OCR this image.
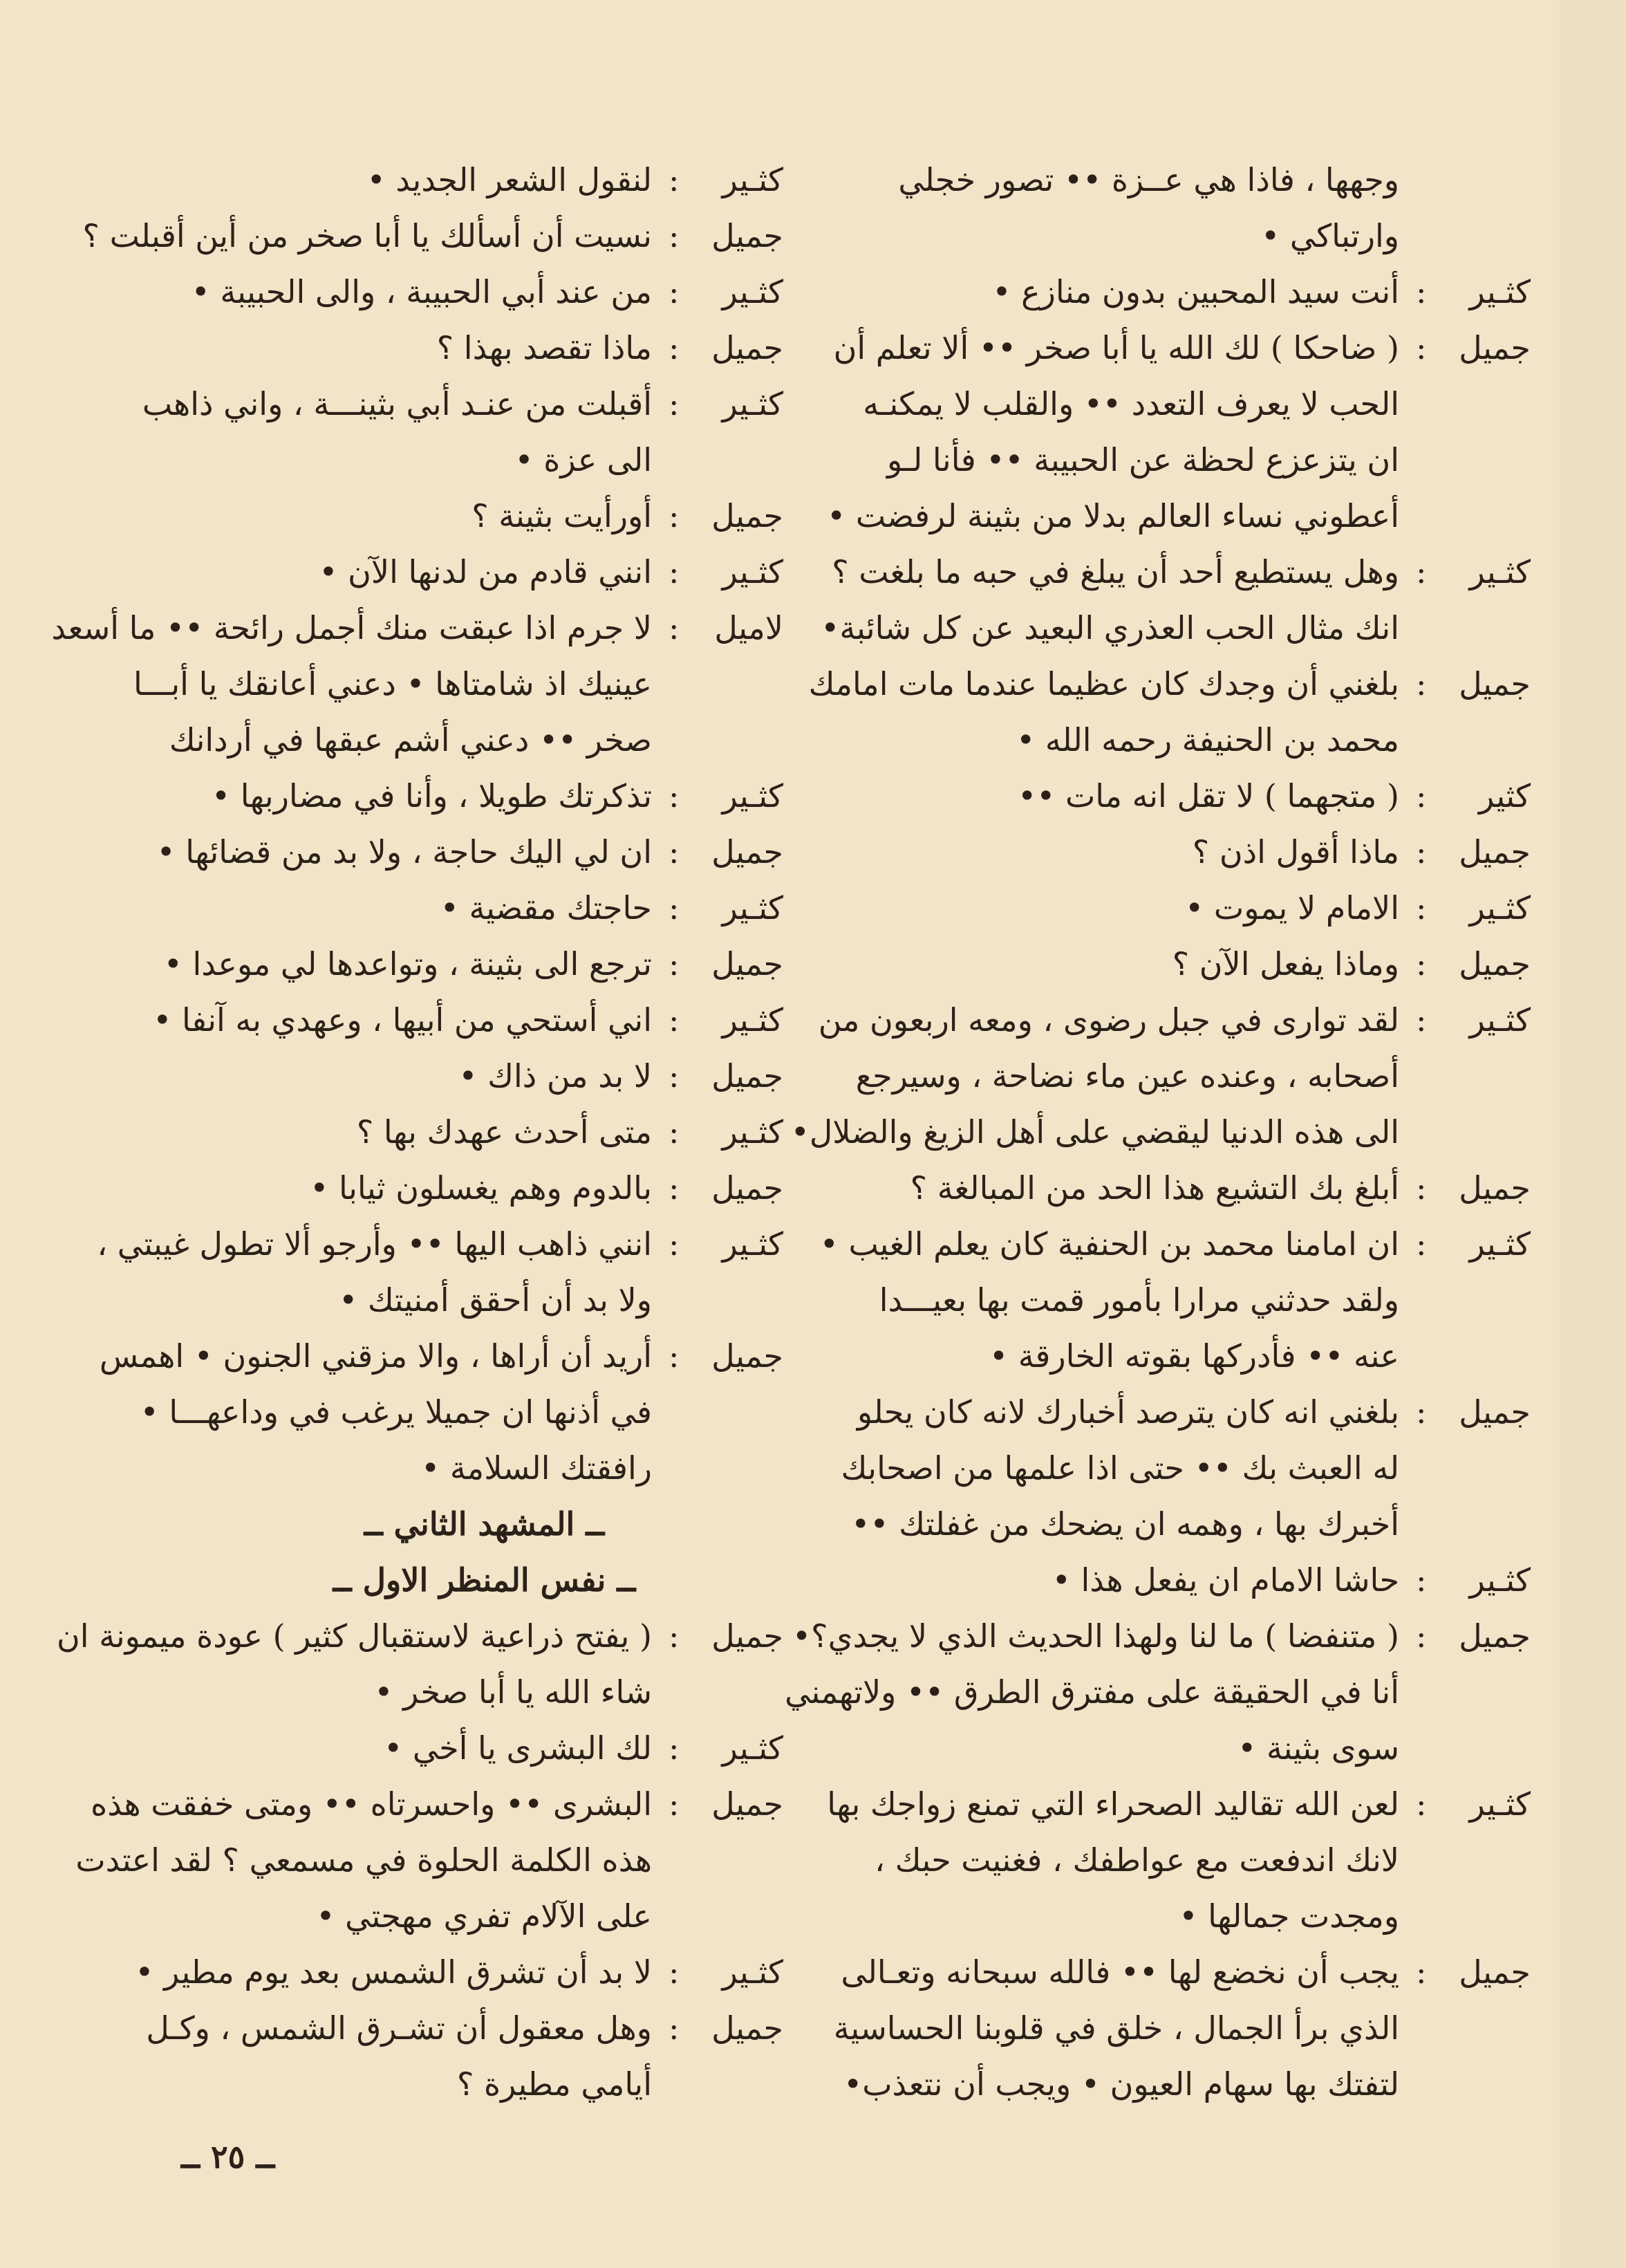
وجهها ، فاذا هي عــزة •• تصور خجلي
وارتباكي •
كثـير
:
أنت سيد المحبين بدون منازع •
جميل
:
( ضاحكا ) لك الله يا أبا صخر •• ألا تعلم أن
الحب لا يعرف التعدد •• والقلب لا يمكنـه
ان يتزعزع لحظة عن الحبيبة •• فأنا لـو
أعطوني نساء العالم بدلا من بثينة لرفضت •
كثـير
:
وهل يستطيع أحد أن يبلغ في حبه ما بلغت ؟
انك مثال الحب العذري البعيد عن كل شائبة•
جميل
:
بلغني أن وجدك كان عظيما عندما مات امامك
محمد بن الحنيفة رحمه الله •
كثير
:
( متجهما ) لا تقل انه مات ••
جميل
:
ماذا أقول اذن ؟
كثـير
:
الامام لا يموت •
جميل
:
وماذا يفعل الآن ؟
كثـير
:
لقد توارى في جبل رضوى ، ومعه اربعون من
أصحابه ، وعنده عين ماء نضاحة ، وسيرجع
الى هذه الدنيا ليقضي على أهل الزيغ والضلال•
جميل
:
أبلغ بك التشيع هذا الحد من المبالغة ؟
كثـير
:
ان امامنا محمد بن الحنفية كان يعلم الغيب •
ولقد حدثني مرارا بأمور قمت بها بعيـــدا
عنه •• فأدركها بقوته الخارقة •
جميل
:
بلغني انه كان يترصد أخبارك لانه كان يحلو
له العبث بك •• حتى اذا علمها من اصحابك
أخبرك بها ، وهمه ان يضحك من غفلتك ••
كثـير
:
حاشا الامام ان يفعل هذا •
جميل
:
( متنفضا ) ما لنا ولهذا الحديث الذي لا يجدي؟•
أنا في الحقيقة على مفترق الطرق •• ولاتهمني
سوى بثينة •
كثـير
:
لعن الله تقاليد الصحراء التي تمنع زواجك بها
لانك اندفعت مع عواطفك ، فغنيت حبك ،
ومجدت جمالها •
جميل
:
يجب أن نخضع لها •• فالله سبحانه وتعـالى
الذي برأ الجمال ، خلق في قلوبنا الحساسية
لتفتك بها سهام العيون • ويجب أن نتعذب•
كثـير
:
لنقول الشعر الجديد •
جميل
:
نسيت أن أسألك يا أبا صخر من أين أقبلت ؟
كثـير
:
من عند أبي الحبيبة ، والى الحبيبة •
جميل
:
ماذا تقصد بهذا ؟
كثـير
:
أقبلت من عنـد أبي بثينـــة ، واني ذاهب
الى عزة •
جميل
:
أورأيت بثينة ؟
كثـير
:
انني قادم من لدنها الآن •
لاميل
:
لا جرم اذا عبقت منك أجمل رائحة •• ما أسعد
عينيك اذ شامتاها • دعني أعانقك يا أبـــا
صخر •• دعني أشم عبقها في أردانك
كثـير
:
تذكرتك طويلا ، وأنا في مضاربها •
جميل
:
ان لي اليك حاجة ، ولا بد من قضائها •
كثـير
:
حاجتك مقضية •
جميل
:
ترجع الى بثينة ، وتواعدها لي موعدا •
كثـير
:
اني أستحي من أبيها ، وعهدي به آنفا •
جميل
:
لا بد من ذاك •
كثـير
:
متى أحدث عهدك بها ؟
جميل
:
بالدوم وهم يغسلون ثيابا •
كثـير
:
انني ذاهب اليها •• وأرجو ألا تطول غيبتي ،
ولا بد أن أحقق أمنيتك •
جميل
:
أريد أن أراها ، والا مزقني الجنون • اهمس
في أذنها ان جميلا يرغب في وداعهـــا •
رافقتك السلامة •
ــ المشهد الثاني ــ
ــ نفس المنظر الاول ــ
جميل
:
( يفتح ذراعية لاستقبال كثير ) عودة ميمونة ان
شاء الله يا أبا صخر •
كثـير
:
لك البشرى يا أخي •
جميل
:
البشرى •• واحسرتاه •• ومتى خفقت هذه
هذه الكلمة الحلوة في مسمعي ؟ لقد اعتدت
على الآلام تفري مهجتي •
كثـير
:
لا بد أن تشرق الشمس بعد يوم مطير •
جميل
:
وهل معقول أن تشـرق الشمس ، وكـل
أيامي مطيرة ؟
ــ ٢٥ ــ
